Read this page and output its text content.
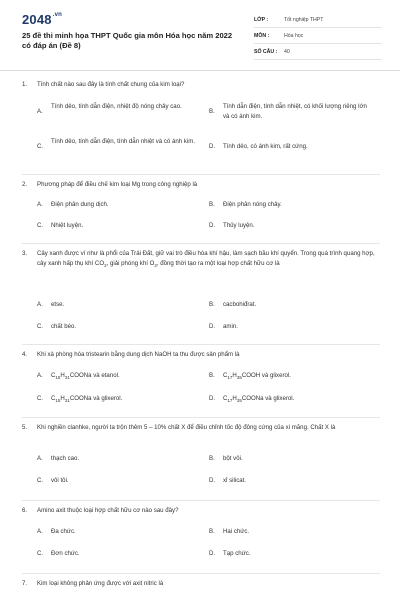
$2048^{.vn}$
25 đề thi minh họa THPT Quốc gia môn Hóa học năm 2022 có đáp án (Đề 8)
LỚP :	Tốt nghiệp THPT
MÔN :	Hóa học
SỐ CÂU :	40
1. Tính chất nào sau đây là tính chất chung của kim loại?
A.
Tính dẻo, tính dẫn điện, nhiệt độ nóng chảy cao.
B.
Tính dẫn điện, tính dẫn nhiệt, có khối lượng riêng lớn và có ánh kim.
C.
Tính dẻo, tính dẫn điện, tính dẫn nhiệt và có ánh kim.
D. Tính dẻo, có ánh kim, rất cứng.
2. Phương pháp để điều chế kim loại Mg trong công nghiệp là
A. Điện phân dung dịch.	B. Điện phân nóng chảy.
C. Nhiệt luyện.	D. Thủy luyện.
3. Cây xanh được ví như là phổi của Trái Đất, giữ vai trò điều hòa khí hậu, làm sạch bầu khí quyển. Trong quá trình quang hợp, cây xanh hấp thụ khí $CO_2$, giải phóng khí $O_2$, đồng thời tạo ra một loại hợp chất hữu cơ là
A. etse.	B. cacbohiđrat.
C. chất béo.	D. amin.
4. Khi xà phòng hóa tristearin bằng dung dịch NaOH ta thu được sản phẩm là
A. $C_{15}H_{31}COONa$ và etanol.	B. $C_{17}H_{35}COOH$ và glixerol.
C. $C_{15}H_{31}COONa$ và glixerol.	D. $C_{17}H_{35}COONa$ và glixerol.
5. Khi nghiền clanhke, người ta trộn thêm 5 – 10% chất X để điều chỉnh tốc độ đông cứng của xi măng. Chất X là
A. thạch cao.	B. bột vôi.
C. vôi tôi.	D. xỉ silicat.
6. Amino axit thuộc loại hợp chất hữu cơ nào sau đây?
A. Đa chức.	B. Hai chức.
C. Đơn chức.	D. Tạp chức.
7. Kim loại không phản ứng được với axit nitric là
